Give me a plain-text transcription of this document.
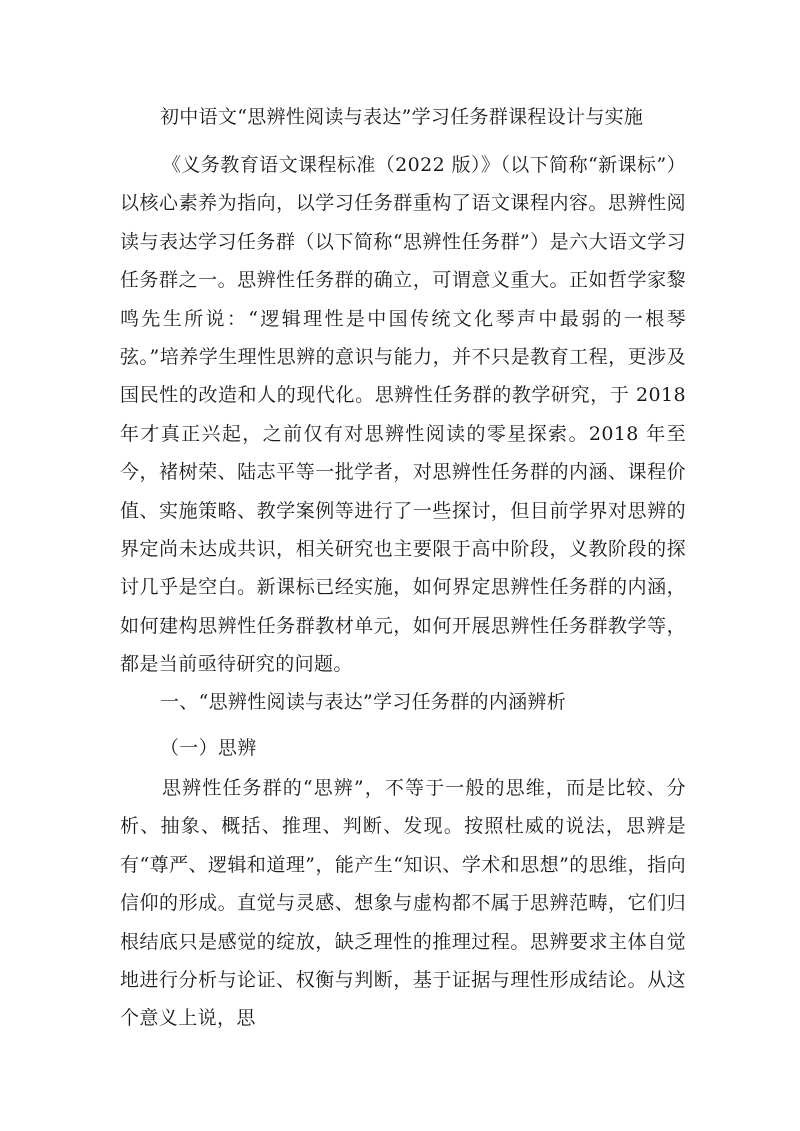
初中语文“思辨性阅读与表达”学习任务群课程设计与实施
《义务教育语文课程标准（2022 版）》（以下简称“新课标”）以核心素养为指向，以学习任务群重构了语文课程内容。思辨性阅读与表达学习任务群（以下简称“思辨性任务群”）是六大语文学习任务群之一。思辨性任务群的确立，可谓意义重大。正如哲学家黎鸣先生所说：“逻辑理性是中国传统文化琴声中最弱的一根琴弦。”培养学生理性思辨的意识与能力，并不只是教育工程，更涉及国民性的改造和人的现代化。思辨性任务群的教学研究，于 2018 年才真正兴起，之前仅有对思辨性阅读的零星探索。2018 年至今，褚树荣、陆志平等一批学者，对思辨性任务群的内涵、课程价值、实施策略、教学案例等进行了一些探讨，但目前学界对思辨的界定尚未达成共识，相关研究也主要限于高中阶段，义教阶段的探讨几乎是空白。新课标已经实施，如何界定思辨性任务群的内涵，如何建构思辨性任务群教材单元，如何开展思辨性任务群教学等，都是当前亟待研究的问题。
一、“思辨性阅读与表达”学习任务群的内涵辨析
（一）思辨
思辨性任务群的“思辨”，不等于一般的思维，而是比较、分析、抽象、概括、推理、判断、发现。按照杜威的说法，思辨是有“尊严、逻辑和道理”，能产生“知识、学术和思想”的思维，指向信仰的形成。直觉与灵感、想象与虚构都不属于思辨范畴，它们归根结底只是感觉的绽放，缺乏理性的推理过程。思辨要求主体自觉地进行分析与论证、权衡与判断，基于证据与理性形成结论。从这个意义上说，思
